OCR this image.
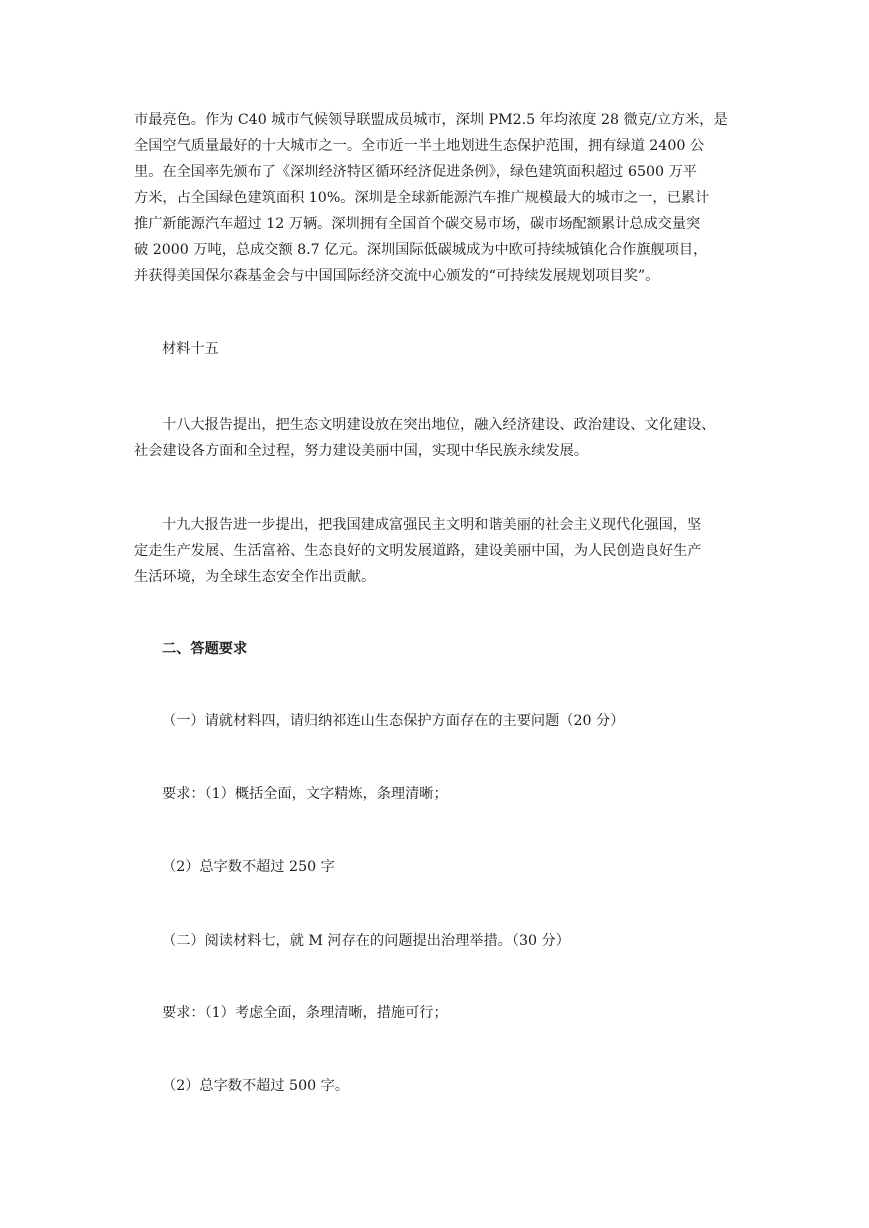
市最亮色。作为 C40 城市气候领导联盟成员城市，深圳 PM2.5 年均浓度 28 微克/立方米，是
全国空气质量最好的十大城市之一。全市近一半土地划进生态保护范围，拥有绿道 2400 公
里。在全国率先颁布了《深圳经济特区循环经济促进条例》，绿色建筑面积超过 6500 万平
方米，占全国绿色建筑面积 10%。深圳是全球新能源汽车推广规模最大的城市之一，已累计
推广新能源汽车超过 12 万辆。深圳拥有全国首个碳交易市场，碳市场配额累计总成交量突
破 2000 万吨，总成交额 8.7 亿元。深圳国际低碳城成为中欧可持续城镇化合作旗舰项目，
并获得美国保尔森基金会与中国国际经济交流中心颁发的“可持续发展规划项目奖”。
材料十五
十八大报告提出，把生态文明建设放在突出地位，融入经济建设、政治建设、文化建设、
社会建设各方面和全过程，努力建设美丽中国，实现中华民族永续发展。
十九大报告进一步提出，把我国建成富强民主文明和谐美丽的社会主义现代化强国，坚
定走生产发展、生活富裕、生态良好的文明发展道路，建设美丽中国，为人民创造良好生产
生活环境，为全球生态安全作出贡献。
二、答题要求
（一）请就材料四，请归纳祁连山生态保护方面存在的主要问题（20 分）
要求：（1）概括全面，文字精炼，条理清晰；
（2）总字数不超过 250 字
（二）阅读材料七，就 M 河存在的问题提出治理举措。（30 分）
要求：（1）考虑全面，条理清晰，措施可行；
（2）总字数不超过 500 字。
